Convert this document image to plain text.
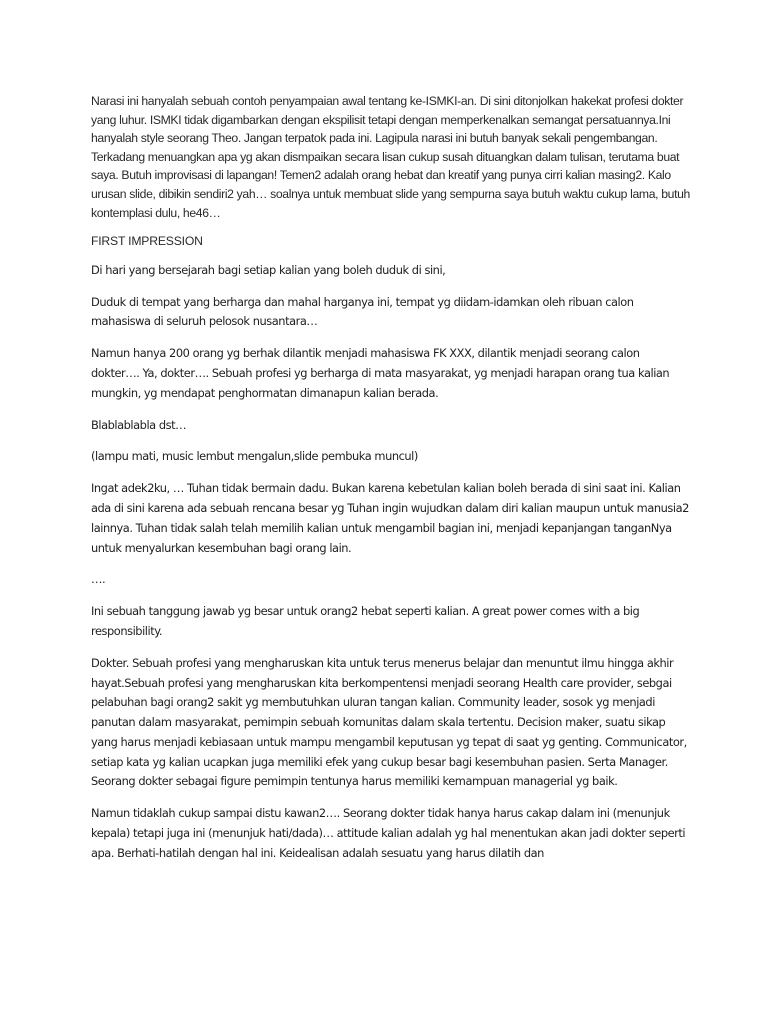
Narasi ini hanyalah sebuah contoh penyampaian awal tentang ke-ISMKI-an. Di sini ditonjolkan hakekat profesi dokter yang luhur. ISMKI tidak digambarkan dengan ekspilisit tetapi dengan memperkenalkan semangat persatuannya.Ini hanyalah style seorang Theo. Jangan terpatok pada ini. Lagipula narasi ini butuh banyak sekali pengembangan. Terkadang menuangkan apa yg akan dismpaikan secara lisan cukup susah dituangkan dalam tulisan, terutama buat saya. Butuh improvisasi di lapangan! Temen2 adalah orang hebat dan kreatif yang punya cirri kalian masing2. Kalo urusan slide, dibikin sendiri2 yah… soalnya untuk membuat slide yang sempurna saya butuh waktu cukup lama, butuh kontemplasi dulu, he46…

FIRST IMPRESSION

Di hari yang bersejarah bagi setiap kalian yang boleh duduk di sini,

Duduk di tempat yang berharga dan mahal harganya ini, tempat yg diidam-idamkan oleh ribuan calon mahasiswa di seluruh pelosok nusantara…

Namun hanya 200 orang yg berhak dilantik menjadi mahasiswa FK XXX, dilantik menjadi seorang calon dokter…. Ya, dokter…. Sebuah profesi yg berharga di mata masyarakat, yg menjadi harapan orang tua kalian mungkin, yg mendapat penghormatan dimanapun kalian berada.

Blablablabla dst…

(lampu mati, music lembut mengalun,slide pembuka muncul)

Ingat adek2ku, … Tuhan tidak bermain dadu. Bukan karena kebetulan kalian boleh berada di sini saat ini. Kalian ada di sini karena ada sebuah rencana besar yg Tuhan ingin wujudkan dalam diri kalian maupun untuk manusia2 lainnya. Tuhan tidak salah telah memilih kalian untuk mengambil bagian ini, menjadi kepanjangan tanganNya untuk menyalurkan kesembuhan bagi orang lain.

….

Ini sebuah tanggung jawab yg besar untuk orang2 hebat seperti kalian. A great power comes with a big responsibility.

Dokter. Sebuah profesi yang mengharuskan kita untuk terus menerus belajar dan menuntut ilmu hingga akhir hayat.Sebuah profesi yang mengharuskan kita berkompentensi menjadi seorang Health care provider, sebgai pelabuhan bagi orang2 sakit yg membutuhkan uluran tangan kalian. Community leader, sosok yg menjadi panutan dalam masyarakat, pemimpin sebuah komunitas dalam skala tertentu. Decision maker, suatu sikap yang harus menjadi kebiasaan untuk mampu mengambil keputusan yg tepat di saat yg genting. Communicator, setiap kata yg kalian ucapkan juga memiliki efek yang cukup besar bagi kesembuhan pasien. Serta Manager. Seorang dokter sebagai figure pemimpin tentunya harus memiliki kemampuan managerial yg baik.

Namun tidaklah cukup sampai distu kawan2…. Seorang dokter tidak hanya harus cakap dalam ini (menunjuk kepala) tetapi juga ini (menunjuk hati/dada)… attitude kalian adalah yg hal menentukan akan jadi dokter seperti apa. Berhati-hatilah dengan hal ini. Keidealisan adalah sesuatu yang harus dilatih dan
